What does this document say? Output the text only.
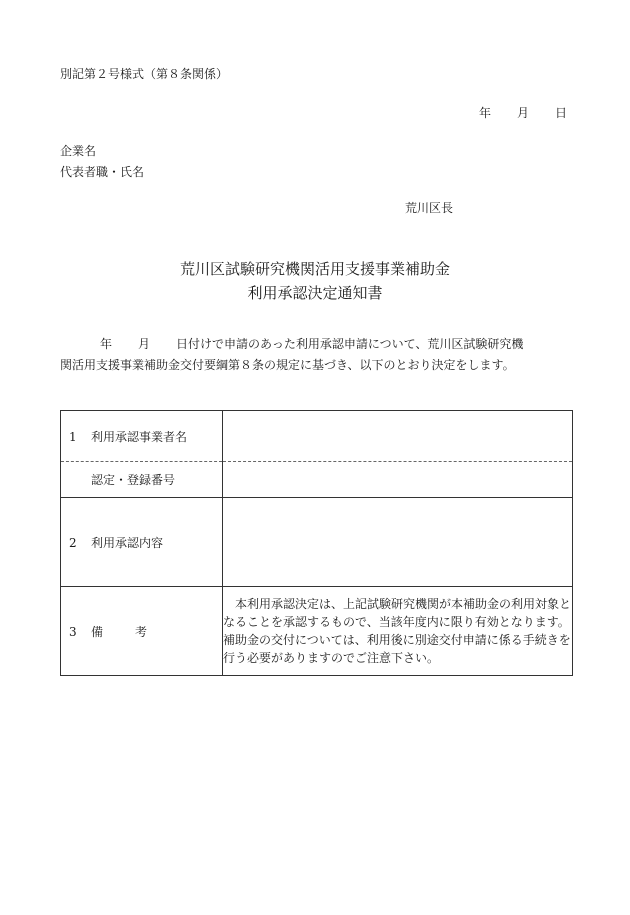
別記第２号様式（第８条関係）
年 月 日
企業名
代表者職・氏名
荒川区長
荒川区試験研究機関活用支援事業補助金
利用承認決定通知書
年 月 日付けで申請のあった利用承認申請について、荒川区試験研究機
関活用支援事業補助金交付要綱第８条の規定に基づき、以下のとおり決定をします。
1 利用承認事業者名	
認定・登録番号	
2 利用承認内容	
3 備 考	　本利用承認決定は、上記試験研究機関が本補助金の利用対象となることを承認するもので、当該年度内に限り有効となります。補助金の交付については、利用後に別途交付申請に係る手続きを行う必要がありますのでご注意下さい。
